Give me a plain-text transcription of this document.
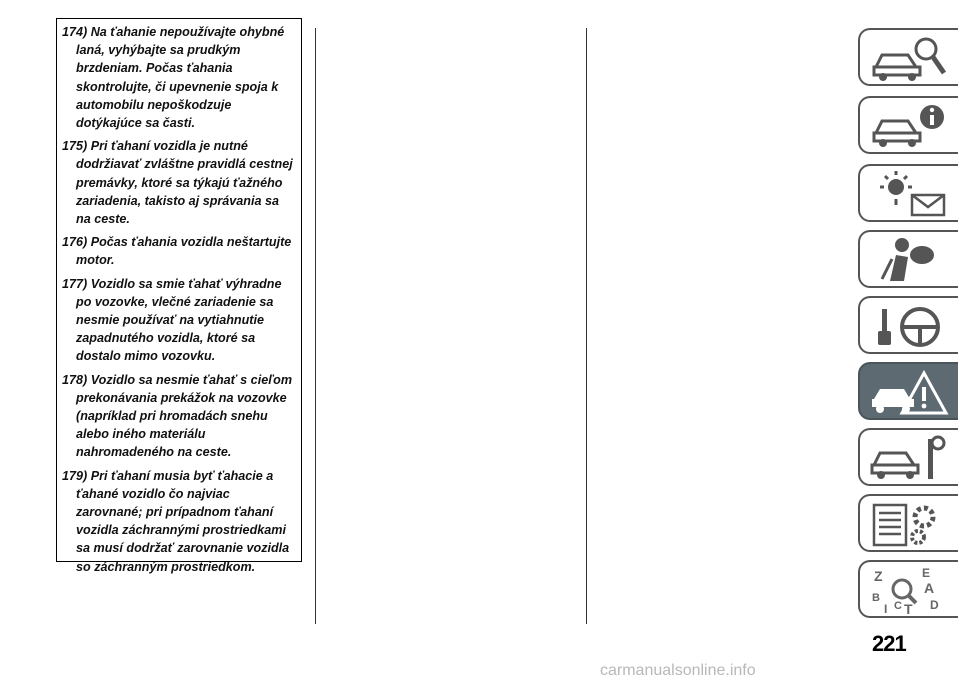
174) Na ťahanie nepoužívajte ohybné laná, vyhýbajte sa prudkým brzdeniam. Počas ťahania skontrolujte, či upevnenie spoja k automobilu nepoškodzuje dotýkajúce sa časti.

175) Pri ťahaní vozidla je nutné dodržiavať zvláštne pravidlá cestnej premávky, ktoré sa týkajú ťažného zariadenia, takisto aj správania sa na ceste.

176) Počas ťahania vozidla neštartujte motor.

177) Vozidlo sa smie ťahať výhradne po vozovke, vlečné zariadenie sa nesmie používať na vytiahnutie zapadnutého vozidla, ktoré sa dostalo mimo vozovku.

178) Vozidlo sa nesmie ťahať s cieľom prekonávania prekážok na vozovke (napríklad pri hromadách snehu alebo iného materiálu nahromadeného na ceste.

179) Pri ťahaní musia byť ťahacie a ťahané vozidlo čo najviac zarovnané; pri prípadnom ťahaní vozidla záchrannými prostriedkami sa musí dodržať zarovnanie vozidla so záchranným prostriedkom.

Z	E
A
B	D
I C T
221
carmanualsonline.info
